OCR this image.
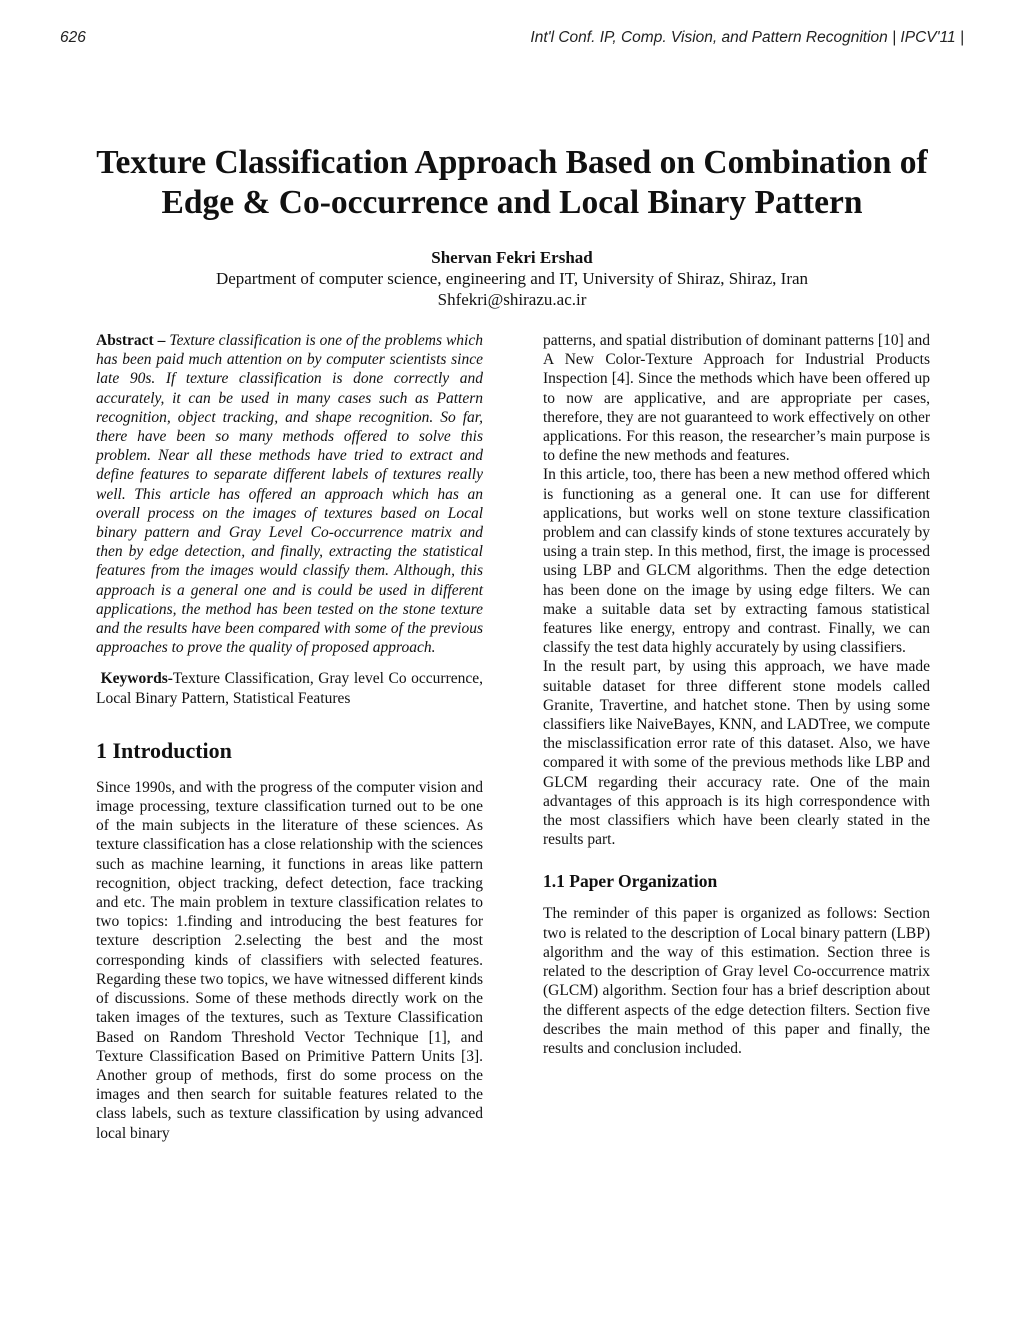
626	Int'l Conf. IP, Comp. Vision, and Pattern Recognition | IPCV'11 |
Texture Classification Approach Based on Combination of
Edge & Co-occurrence and Local Binary Pattern
Shervan Fekri Ershad
Department of computer science, engineering and IT, University of Shiraz, Shiraz, Iran
Shfekri@shirazu.ac.ir

Abstract – Texture classification is one of the problems which has been paid much attention on by computer scientists since late 90s. If texture classification is done correctly and accurately, it can be used in many cases such as Pattern recognition, object tracking, and shape recognition. So far, there have been so many methods offered to solve this problem. Near all these methods have tried to extract and define features to separate different labels of textures really well. This article has offered an approach which has an overall process on the images of textures based on Local binary pattern and Gray Level Co-occurrence matrix and then by edge detection, and finally, extracting the statistical features from the images would classify them. Although, this approach is a general one and is could be used in different applications, the method has been tested on the stone texture and the results have been compared with some of the previous approaches to prove the quality of proposed approach.

Keywords-Texture Classification, Gray level Co occurrence, Local Binary Pattern, Statistical Features

1 Introduction

Since 1990s, and with the progress of the computer vision and image processing, texture classification turned out to be one of the main subjects in the literature of these sciences. As texture classification has a close relationship with the sciences such as machine learning, it functions in areas like pattern recognition, object tracking, defect detection, face tracking and etc. The main problem in texture classification relates to two topics: 1.finding and introducing the best features for texture description 2.selecting the best and the most corresponding kinds of classifiers with selected features. Regarding these two topics, we have witnessed different kinds of discussions. Some of these methods directly work on the taken images of the textures, such as Texture Classification Based on Random Threshold Vector Technique [1], and Texture Classification Based on Primitive Pattern Units [3]. Another group of methods, first do some process on the images and then search for suitable features related to the class labels, such as texture classification by using advanced local binary

patterns, and spatial distribution of dominant patterns [10] and A New Color-Texture Approach for Industrial Products Inspection [4]. Since the methods which have been offered up to now are applicative, and are appropriate per cases, therefore, they are not guaranteed to work effectively on other applications. For this reason, the researcher’s main purpose is to define the new methods and features.

In this article, too, there has been a new method offered which is functioning as a general one. It can use for different applications, but works well on stone texture classification problem and can classify kinds of stone textures accurately by using a train step. In this method, first, the image is processed using LBP and GLCM algorithms. Then the edge detection has been done on the image by using edge filters. We can make a suitable data set by extracting famous statistical features like energy, entropy and contrast. Finally, we can classify the test data highly accurately by using classifiers.

In the result part, by using this approach, we have made suitable dataset for three different stone models called Granite, Travertine, and hatchet stone. Then by using some classifiers like NaiveBayes, KNN, and LADTree, we compute the misclassification error rate of this dataset. Also, we have compared it with some of the previous methods like LBP and GLCM regarding their accuracy rate. One of the main advantages of this approach is its high correspondence with the most classifiers which have been clearly stated in the results part.

1.1 Paper Organization

The reminder of this paper is organized as follows: Section two is related to the description of Local binary pattern (LBP) algorithm and the way of this estimation. Section three is related to the description of Gray level Co-occurrence matrix (GLCM) algorithm. Section four has a brief description about the different aspects of the edge detection filters. Section five describes the main method of this paper and finally, the results and conclusion included.
